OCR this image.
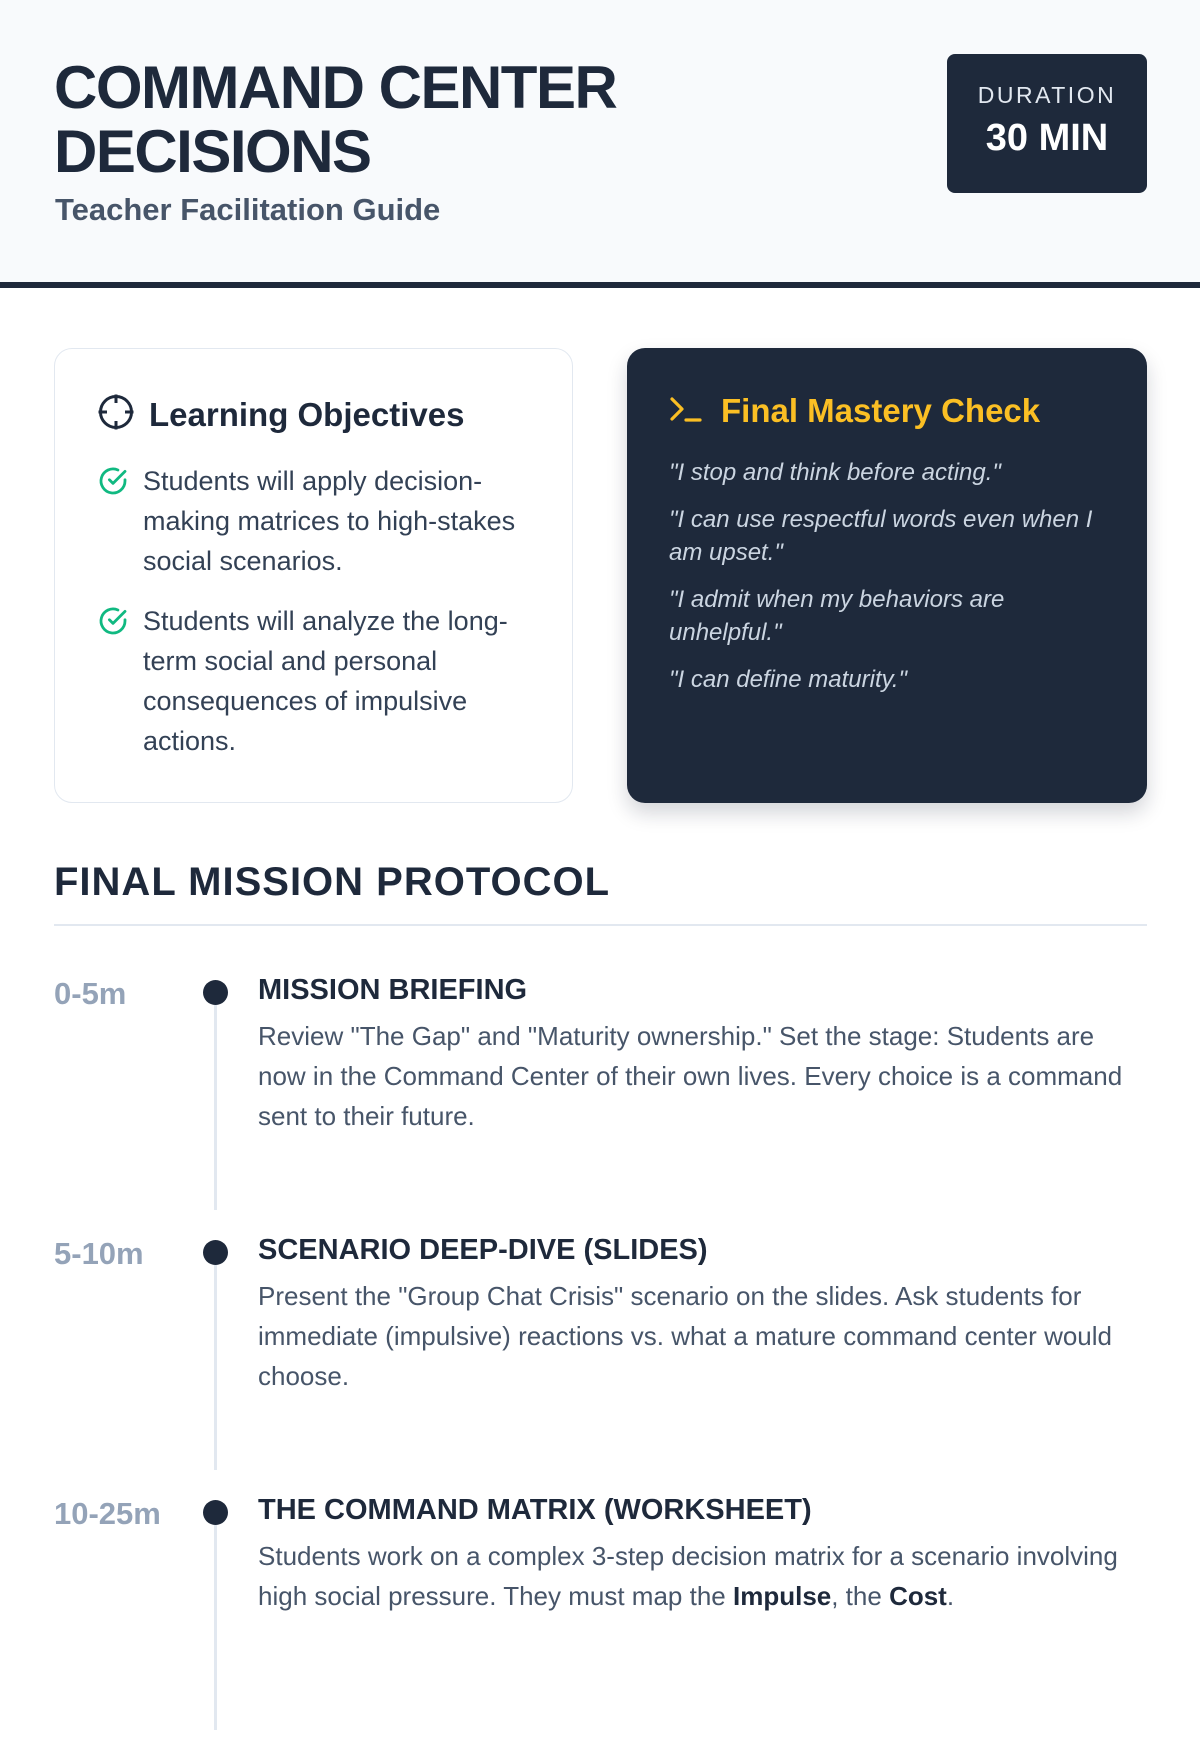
COMMAND CENTER DECISIONS
Teacher Facilitation Guide
DURATION
30 MIN
Learning Objectives
Students will apply decision-making matrices to high-stakes social scenarios.
Students will analyze the long-term social and personal consequences of impulsive actions.
Final Mastery Check
"I stop and think before acting."
"I can use respectful words even when I am upset."
"I admit when my behaviors are unhelpful."
"I can define maturity."
FINAL MISSION PROTOCOL
0-5m	MISSION BRIEFING

Review "The Gap" and "Maturity ownership." Set the stage: Students are now in the Command Center of their own lives. Every choice is a command sent to their future.

5-10m	SCENARIO DEEP-DIVE (SLIDES)

Present the "Group Chat Crisis" scenario on the slides. Ask students for immediate (impulsive) reactions vs. what a mature command center would choose.

10-25m	THE COMMAND MATRIX (WORKSHEET)

Students work on a complex 3-step decision matrix for a scenario involving high social pressure. They must map the Impulse, the Cost.
